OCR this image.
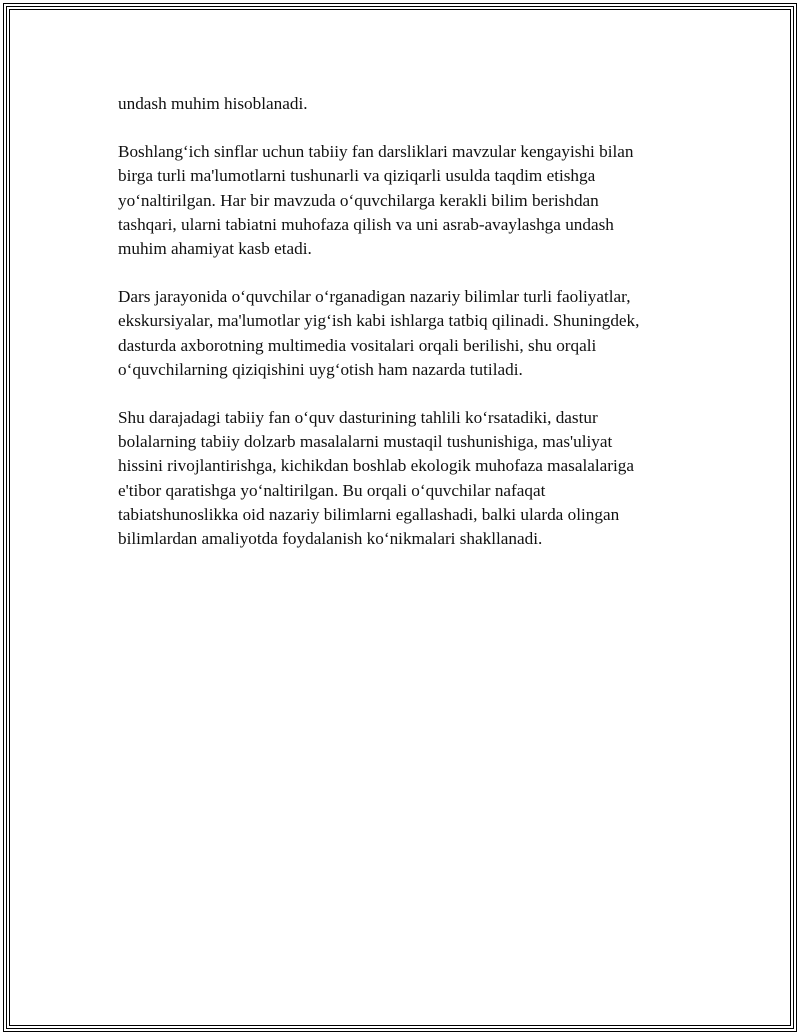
undash muhim hisoblanadi.

Boshlang‘ich sinflar uchun tabiiy fan darsliklari mavzular kengayishi bilan
birga turli ma'lumotlarni tushunarli va qiziqarli usulda taqdim etishga
yo‘naltirilgan. Har bir mavzuda o‘quvchilarga kerakli bilim berishdan
tashqari, ularni tabiatni muhofaza qilish va uni asrab-avaylashga undash
muhim ahamiyat kasb etadi.

Dars jarayonida o‘quvchilar o‘rganadigan nazariy bilimlar turli faoliyatlar,
ekskursiyalar, ma'lumotlar yig‘ish kabi ishlarga tatbiq qilinadi. Shuningdek,
dasturda axborotning multimedia vositalari orqali berilishi, shu orqali
o‘quvchilarning qiziqishini uyg‘otish ham nazarda tutiladi.

Shu darajadagi tabiiy fan o‘quv dasturining tahlili ko‘rsatadiki, dastur
bolalarning tabiiy dolzarb masalalarni mustaqil tushunishiga, mas'uliyat
hissini rivojlantirishga, kichikdan boshlab ekologik muhofaza masalalariga
e'tibor qaratishga yo‘naltirilgan. Bu orqali o‘quvchilar nafaqat
tabiatshunoslikka oid nazariy bilimlarni egallashadi, balki ularda olingan
bilimlardan amaliyotda foydalanish ko‘nikmalari shakllanadi.
